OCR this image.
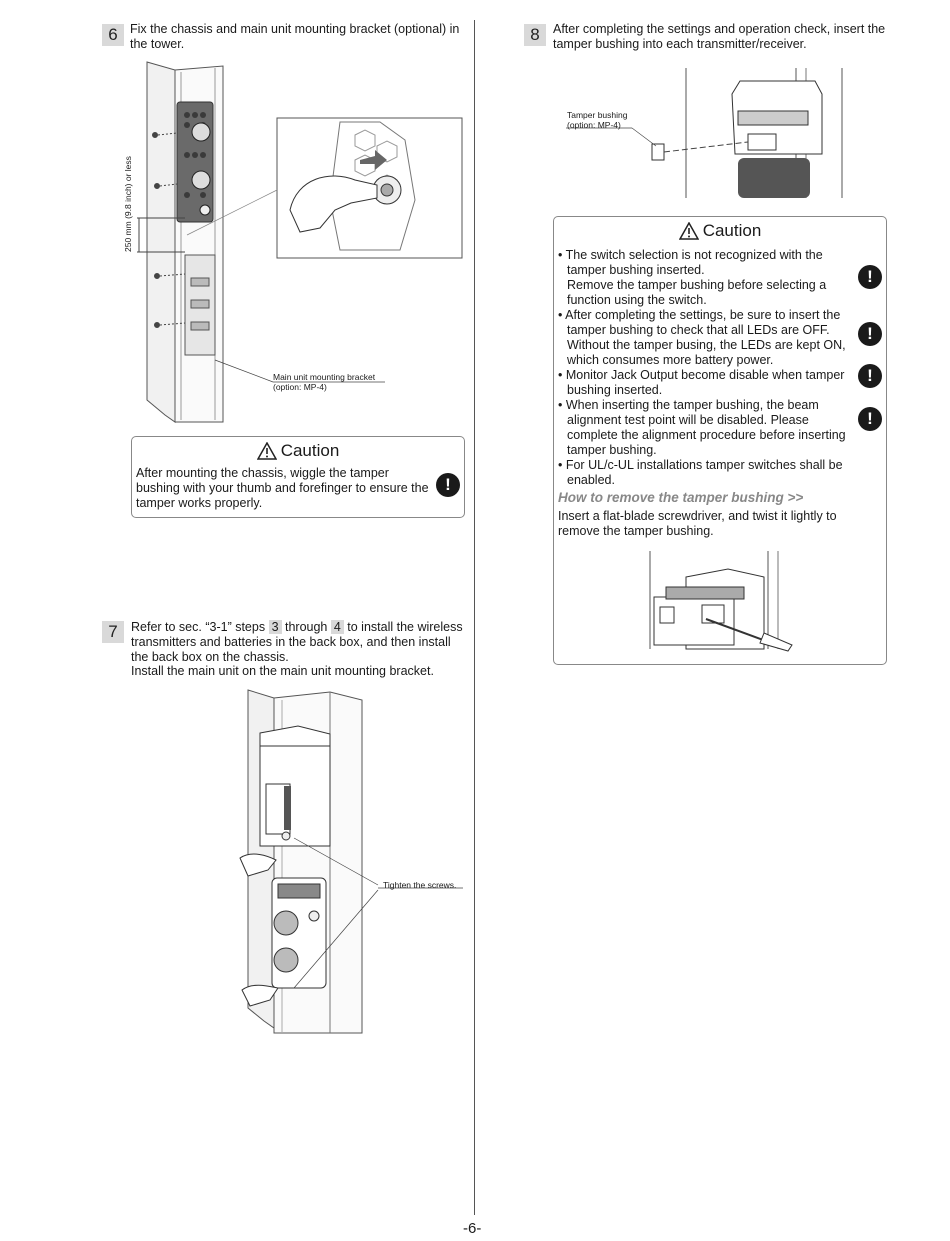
6 Fix the chassis and main unit mounting bracket (optional) in the tower.
250 mm (9.8 inch) or less
Main unit mounting bracket
(option: MP-4)
Caution
After mounting the chassis, wiggle the tamper bushing with your thumb and forefinger to ensure the tamper works properly.
!
7	Refer to sec. “3-1” steps 3 through 4 to install the wireless transmitters and batteries in the back box, and then install the back box on the chassis.
Install the main unit on the main unit mounting bracket.
Tighten the screws.
8	After completing the settings and operation check, insert the tamper bushing into each transmitter/receiver.
Tamper bushing
(option: MP-4)
Caution
• The switch selection is not recognized with the tamper bushing inserted.
Remove the tamper bushing before selecting a function using the switch.
• After completing the settings, be sure to insert the tamper bushing to check that all LEDs are OFF.
Without the tamper busing, the LEDs are kept ON, which consumes more battery power.
• Monitor Jack Output become disable when tamper bushing inserted.
• When inserting the tamper bushing, the beam alignment test point will be disabled. Please complete the alignment procedure before inserting tamper bushing.
• For UL/c-UL installations tamper switches shall be enabled.
!
!
!
!
How to remove the tamper bushing >>
Insert a flat-blade screwdriver, and twist it lightly to remove the tamper bushing.
-6-
